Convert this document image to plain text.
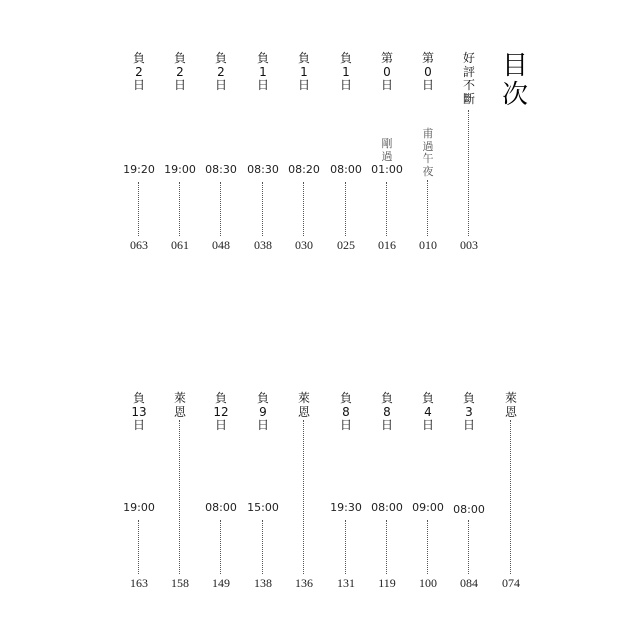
目
次
好
評
不
斷
003
第
0
日
甫
過
午
夜
010
第
0
日
剛
過
01:00
016
負
1
日
08:00
025
負
1
日
08:20
030
負
1
日
08:30
038
負
2
日
08:30
048
負
2
日
19:00
061
負
2
日
19:20
063
萊
恩
074
負
3
日
08:00
084
負
4
日
09:00
100
負
8
日
08:00
119
負
8
日
19:30
131
萊
恩
136
負
9
日
15:00
138
負
12
日
08:00
149
萊
恩
158
負
13
日
19:00
163
